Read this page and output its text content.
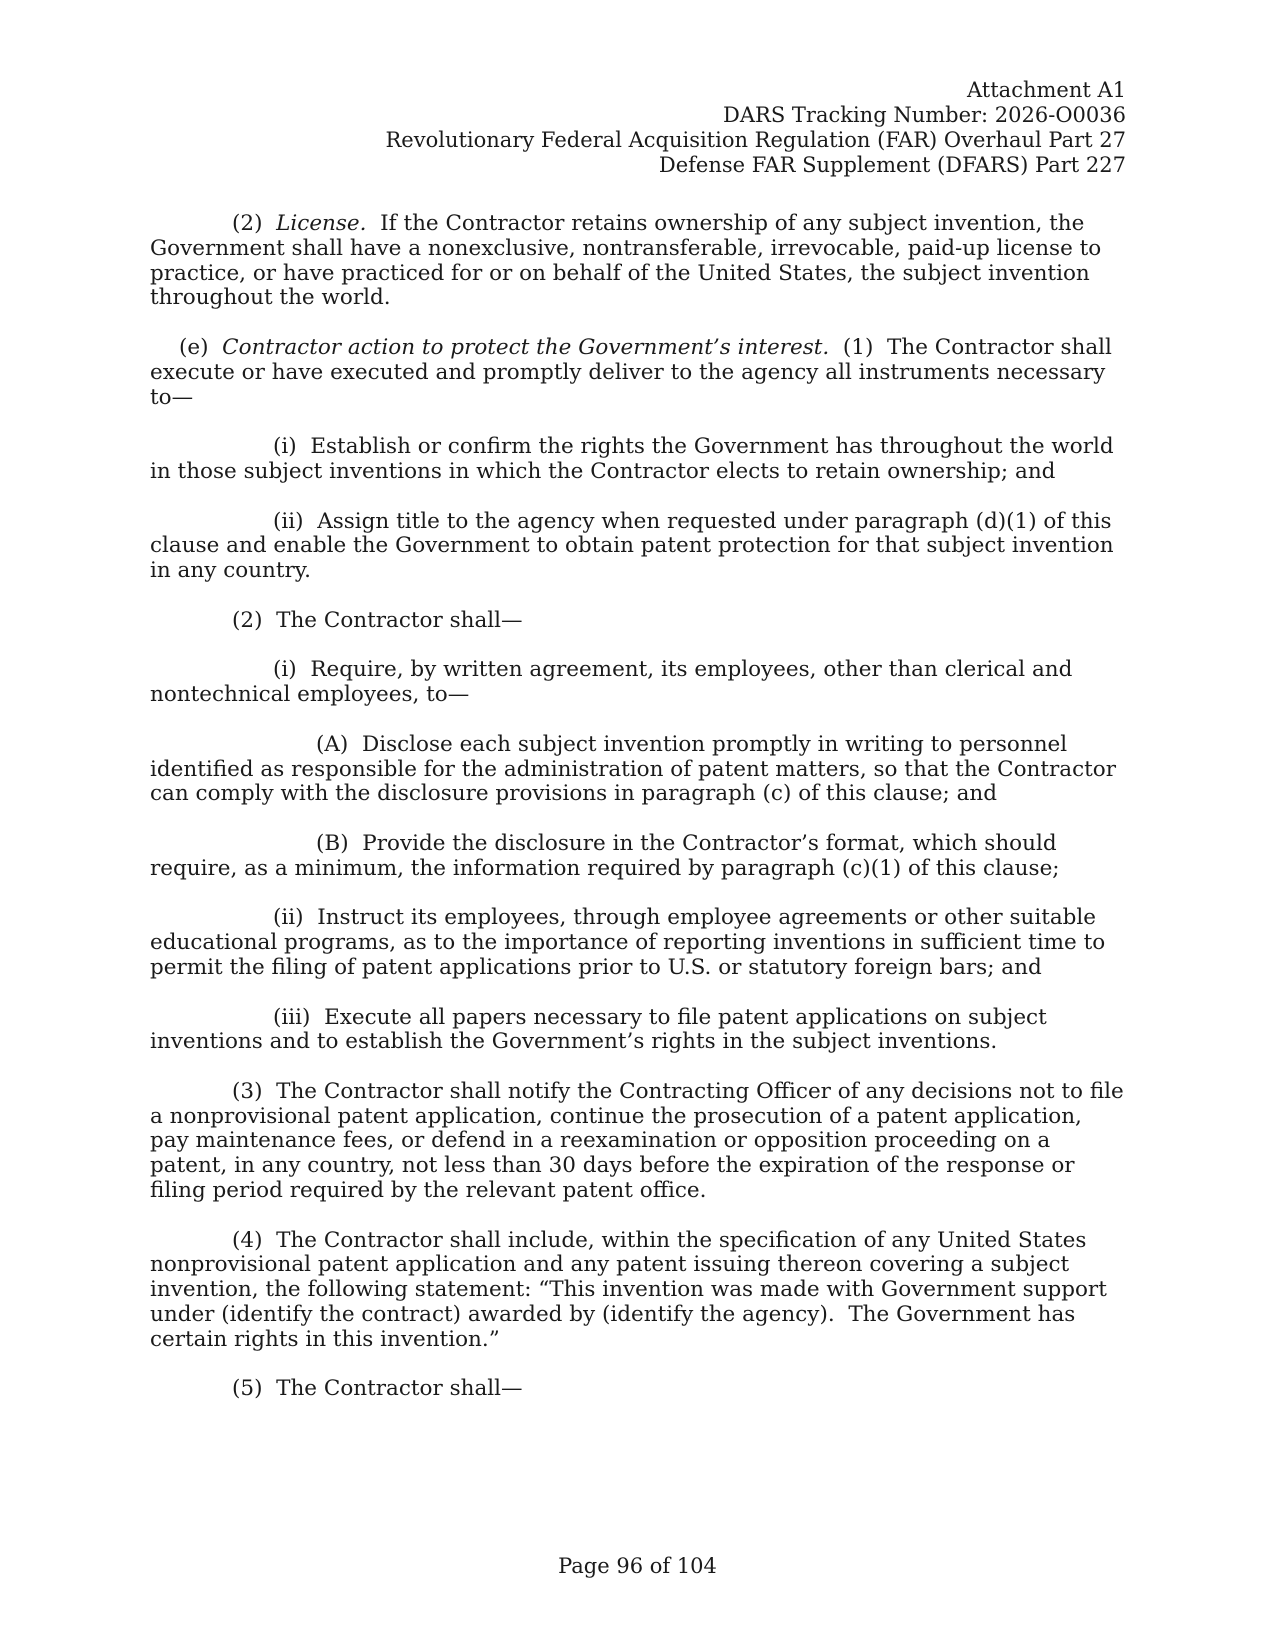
Attachment A1
DARS Tracking Number: 2026-O0036
Revolutionary Federal Acquisition Regulation (FAR) Overhaul Part 27
Defense FAR Supplement (DFARS) Part 227

(2)  License.  If the Contractor retains ownership of any subject invention, the Government shall have a nonexclusive, nontransferable, irrevocable, paid-up license to practice, or have practiced for or on behalf of the United States, the subject invention throughout the world.

(e)  Contractor action to protect the Government’s interest.  (1)  The Contractor shall execute or have executed and promptly deliver to the agency all instruments necessary to—

(i)  Establish or confirm the rights the Government has throughout the world in those subject inventions in which the Contractor elects to retain ownership; and

(ii)  Assign title to the agency when requested under paragraph (d)(1) of this clause and enable the Government to obtain patent protection for that subject invention in any country.

(2)  The Contractor shall—

(i)  Require, by written agreement, its employees, other than clerical and nontechnical employees, to—

(A)  Disclose each subject invention promptly in writing to personnel identified as responsible for the administration of patent matters, so that the Contractor can comply with the disclosure provisions in paragraph (c) of this clause; and

(B)  Provide the disclosure in the Contractor’s format, which should require, as a minimum, the information required by paragraph (c)(1) of this clause;

(ii)  Instruct its employees, through employee agreements or other suitable educational programs, as to the importance of reporting inventions in sufficient time to permit the filing of patent applications prior to U.S. or statutory foreign bars; and

(iii)  Execute all papers necessary to file patent applications on subject inventions and to establish the Government’s rights in the subject inventions.

(3)  The Contractor shall notify the Contracting Officer of any decisions not to file a nonprovisional patent application, continue the prosecution of a patent application, pay maintenance fees, or defend in a reexamination or opposition proceeding on a patent, in any country, not less than 30 days before the expiration of the response or filing period required by the relevant patent office.

(4)  The Contractor shall include, within the specification of any United States nonprovisional patent application and any patent issuing thereon covering a subject invention, the following statement: “This invention was made with Government support under (identify the contract) awarded by (identify the agency).  The Government has certain rights in this invention.”

(5)  The Contractor shall—

Page 96 of 104
